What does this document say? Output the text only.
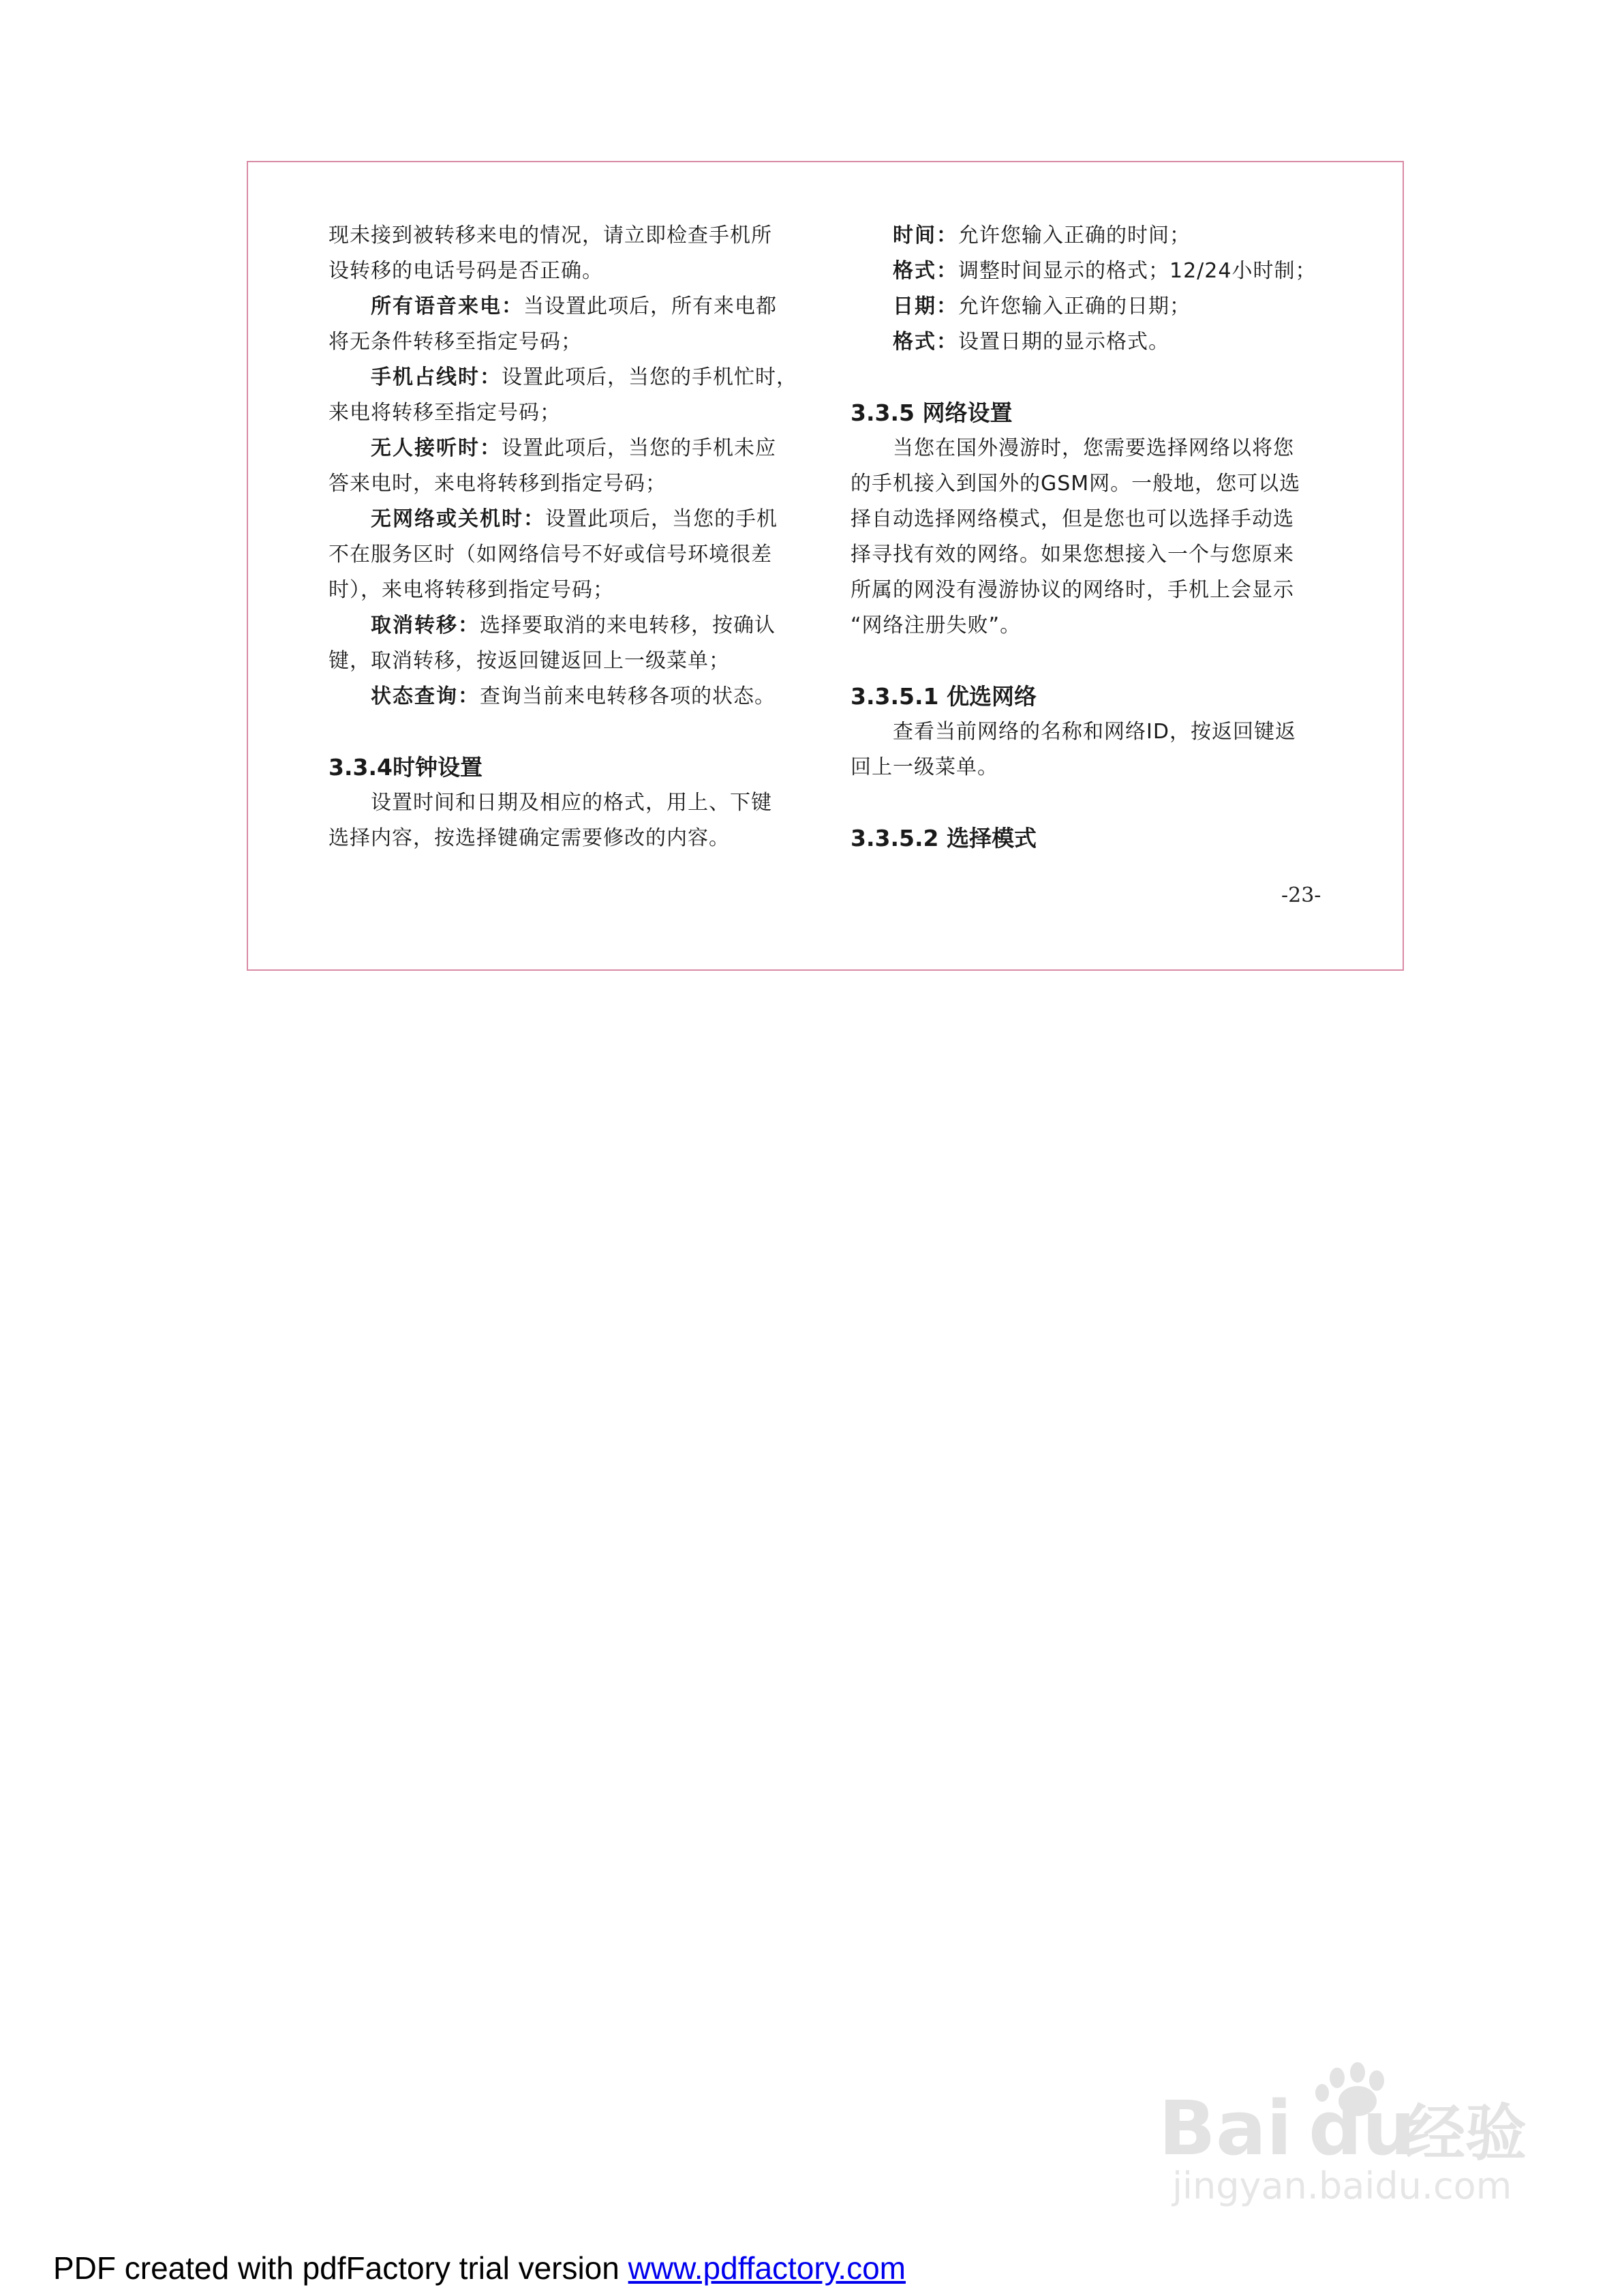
现未接到被转移来电的情况，请立即检查手机所
设转移的电话号码是否正确。
所有语音来电：当设置此项后，所有来电都
将无条件转移至指定号码；
手机占线时：设置此项后，当您的手机忙时，
来电将转移至指定号码；
无人接听时：设置此项后，当您的手机未应
答来电时，来电将转移到指定号码；
无网络或关机时：设置此项后，当您的手机
不在服务区时（如网络信号不好或信号环境很差
时），来电将转移到指定号码；
取消转移：选择要取消的来电转移，按确认
键，取消转移，按返回键返回上一级菜单；
状态查询：查询当前来电转移各项的状态。
3.3.4时钟设置
设置时间和日期及相应的格式，用上、下键
选择内容，按选择键确定需要修改的内容。
时间：允许您输入正确的时间；
格式：调整时间显示的格式；12/24小时制；
日期：允许您输入正确的日期；
格式：设置日期的显示格式。
3.3.5 网络设置
当您在国外漫游时，您需要选择网络以将您
的手机接入到国外的GSM网。一般地，您可以选
择自动选择网络模式，但是您也可以选择手动选
择寻找有效的网络。如果您想接入一个与您原来
所属的网没有漫游协议的网络时，手机上会显示
“网络注册失败”。
3.3.5.1 优选网络
查看当前网络的名称和网络ID，按返回键返
回上一级菜单。
3.3.5.2 选择模式
-23-
Bai du
经验
jingyan.baidu.com
PDF created with pdfFactory trial version www.pdffactory.com
